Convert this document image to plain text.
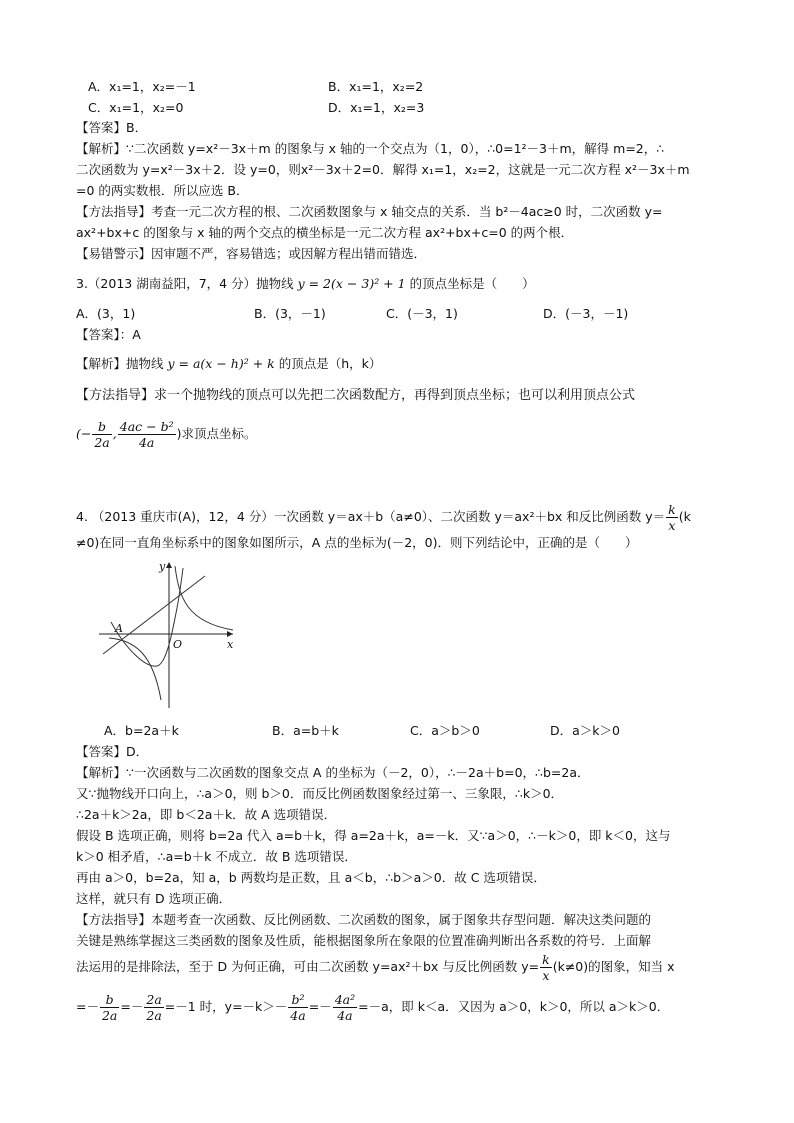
A．x₁=1，x₂=－1	B．x₁=1，x₂=2
C．x₁=1，x₂=0	D．x₁=1，x₂=3
【答案】B．
【解析】∵二次函数 y=x²－3x＋m 的图象与 x 轴的一个交点为（1，0），∴0=1²－3＋m，解得 m=2，∴
二次函数为 y=x²－3x＋2．设 y=0，则x²－3x＋2=0．解得 x₁=1，x₂=2，这就是一元二次方程 x²－3x＋m
=0 的两实数根．所以应选 B．
【方法指导】考查一元二次方程的根、二次函数图象与 x 轴交点的关系．当 b²－4ac≥0 时，二次函数 y=
ax²+bx+c 的图象与 x 轴的两个交点的横坐标是一元二次方程 ax²+bx+c=0 的两个根．
【易错警示】因审题不严，容易错选；或因解方程出错而错选．
3.（2013 湖南益阳，7，4 分）抛物线 y = 2(x − 3)² + 1 的顶点坐标是（　　）
A．(3，1)	B．(3，－1)	C．(－3，1)	D．(－3，－1)
【答案】：A
【解析】抛物线 y = a(x − h)² + k 的顶点是（h，k）
【方法指导】求一个抛物线的顶点可以先把二次函数配方，再得到顶点坐标；也可以利用顶点公式
(− $\frac{b}{2a}$ , $\frac{\text{4ac − b²}}{4a}$ )求顶点坐标。
4. （2013 重庆市(A)，12，4 分）一次函数 y＝ax＋b（a≠0）、二次函数 y＝ax²＋bx 和反比例函数 $y= \frac{k}{x} (k$
≠0)在同一直角坐标系中的图象如图所示，A 点的坐标为(－2，0)．则下列结论中，正确的是（　　）
y
x
A
O
A．b=2a＋k	B．a=b＋k	C．a＞b＞0	D．a＞k＞0
【答案】D．
【解析】∵一次函数与二次函数的图象交点 A 的坐标为（－2，0），∴－2a＋b=0，∴b=2a．
又∵抛物线开口向上，∴a＞0，则 b＞0．而反比例函数图象经过第一、三象限，∴k＞0．
∴2a＋k＞2a，即 b＜2a＋k．故 A 选项错误．
假设 B 选项正确，则将 b=2a 代入 a=b＋k，得 a=2a＋k，a=－k．又∵a＞0，∴－k＞0，即 k＜0，这与
k＞0 相矛盾，∴a=b＋k 不成立．故 B 选项错误．
再由 a＞0，b=2a，知 a，b 两数均是正数，且 a＜b，∴b＞a＞0．故 C 选项错误．
这样，就只有 D 选项正确．
【方法指导】本题考查一次函数、反比例函数、二次函数的图象，属于图象共存型问题．解决这类问题的
关键是熟练掌握这三类函数的图象及性质，能根据图象所在象限的位置准确判断出各系数的符号．上面解
法运用的是排除法，至于 D 为何正确，可由二次函数 y=ax²＋bx 与反比例函数 $y= \frac{k}{x} (k\ne 0)$的图象，知当 x
=－ $\frac{b}{2a} =- \frac{2a}{2a} =-1$ 时，$y=-k>- \frac{\text{b²}}{4a} =- \frac{\text{4a²}}{4a} =-a$，即 k＜a．又因为 a＞0，k＞0，所以 a＞k＞0．
